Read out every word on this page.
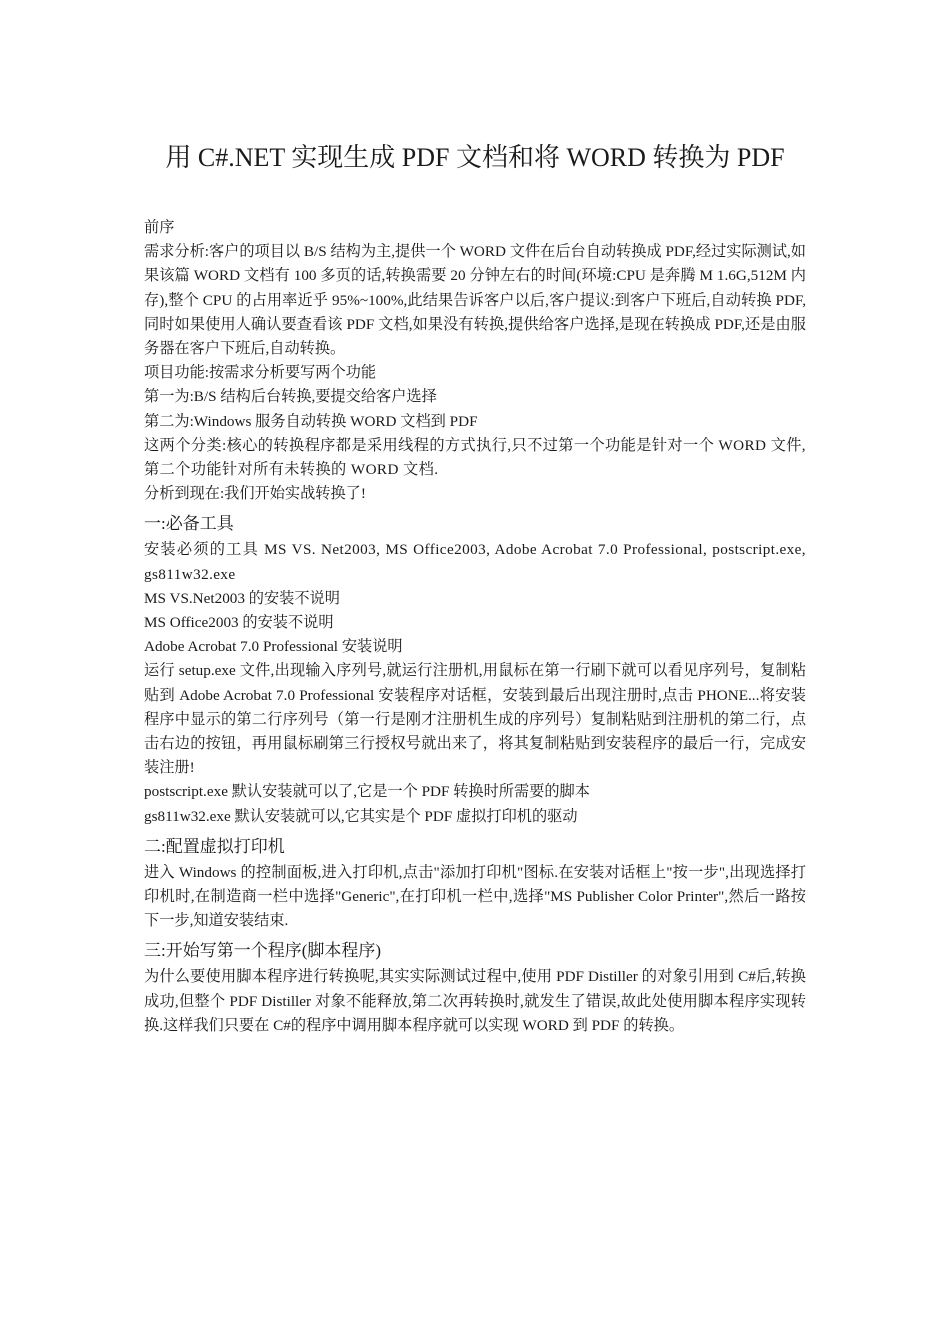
用 C#.NET 实现生成 PDF 文档和将 WORD 转换为 PDF

前序

需求分析:客户的项目以 B/S 结构为主,提供一个 WORD 文件在后台自动转换成 PDF,经过实际测试,如果该篇 WORD 文档有 100 多页的话,转换需要 20 分钟左右的时间(环境:CPU 是奔腾 M 1.6G,512M 内存),整个 CPU 的占用率近乎 95%~100%,此结果告诉客户以后,客户提议:到客户下班后,自动转换 PDF,同时如果使用人确认要查看该 PDF 文档,如果没有转换,提供给客户选择,是现在转换成 PDF,还是由服务器在客户下班后,自动转换。

项目功能:按需求分析要写两个功能

第一为:B/S 结构后台转换,要提交给客户选择

第二为:Windows 服务自动转换 WORD 文档到 PDF

这两个分类:核心的转换程序都是采用线程的方式执行,只不过第一个功能是针对一个 WORD 文件,第二个功能针对所有未转换的 WORD 文档.

分析到现在:我们开始实战转换了!

一:必备工具

安装必须的工具 MS VS. Net2003, MS Office2003, Adobe Acrobat 7.0 Professional, postscript.exe, gs811w32.exe

MS VS.Net2003 的安装不说明

MS Office2003 的安装不说明

Adobe Acrobat 7.0 Professional 安装说明

运行 setup.exe 文件,出现输入序列号,就运行注册机,用鼠标在第一行刷下就可以看见序列号，复制粘贴到 Adobe Acrobat 7.0 Professional 安装程序对话框，安装到最后出现注册时,点击 PHONE...将安装程序中显示的第二行序列号（第一行是刚才注册机生成的序列号）复制粘贴到注册机的第二行，点击右边的按钮，再用鼠标刷第三行授权号就出来了，将其复制粘贴到安装程序的最后一行，完成安装注册!

postscript.exe 默认安装就可以了,它是一个 PDF 转换时所需要的脚本

gs811w32.exe 默认安装就可以,它其实是个 PDF 虚拟打印机的驱动

二:配置虚拟打印机

进入 Windows 的控制面板,进入打印机,点击"添加打印机"图标.在安装对话框上"按一步",出现选择打印机时,在制造商一栏中选择"Generic",在打印机一栏中,选择"MS Publisher Color Printer",然后一路按下一步,知道安装结束.

三:开始写第一个程序(脚本程序)

为什么要使用脚本程序进行转换呢,其实实际测试过程中,使用 PDF Distiller 的对象引用到 C#后,转换成功,但整个 PDF Distiller 对象不能释放,第二次再转换时,就发生了错误,故此处使用脚本程序实现转换.这样我们只要在 C#的程序中调用脚本程序就可以实现 WORD 到 PDF 的转换。
